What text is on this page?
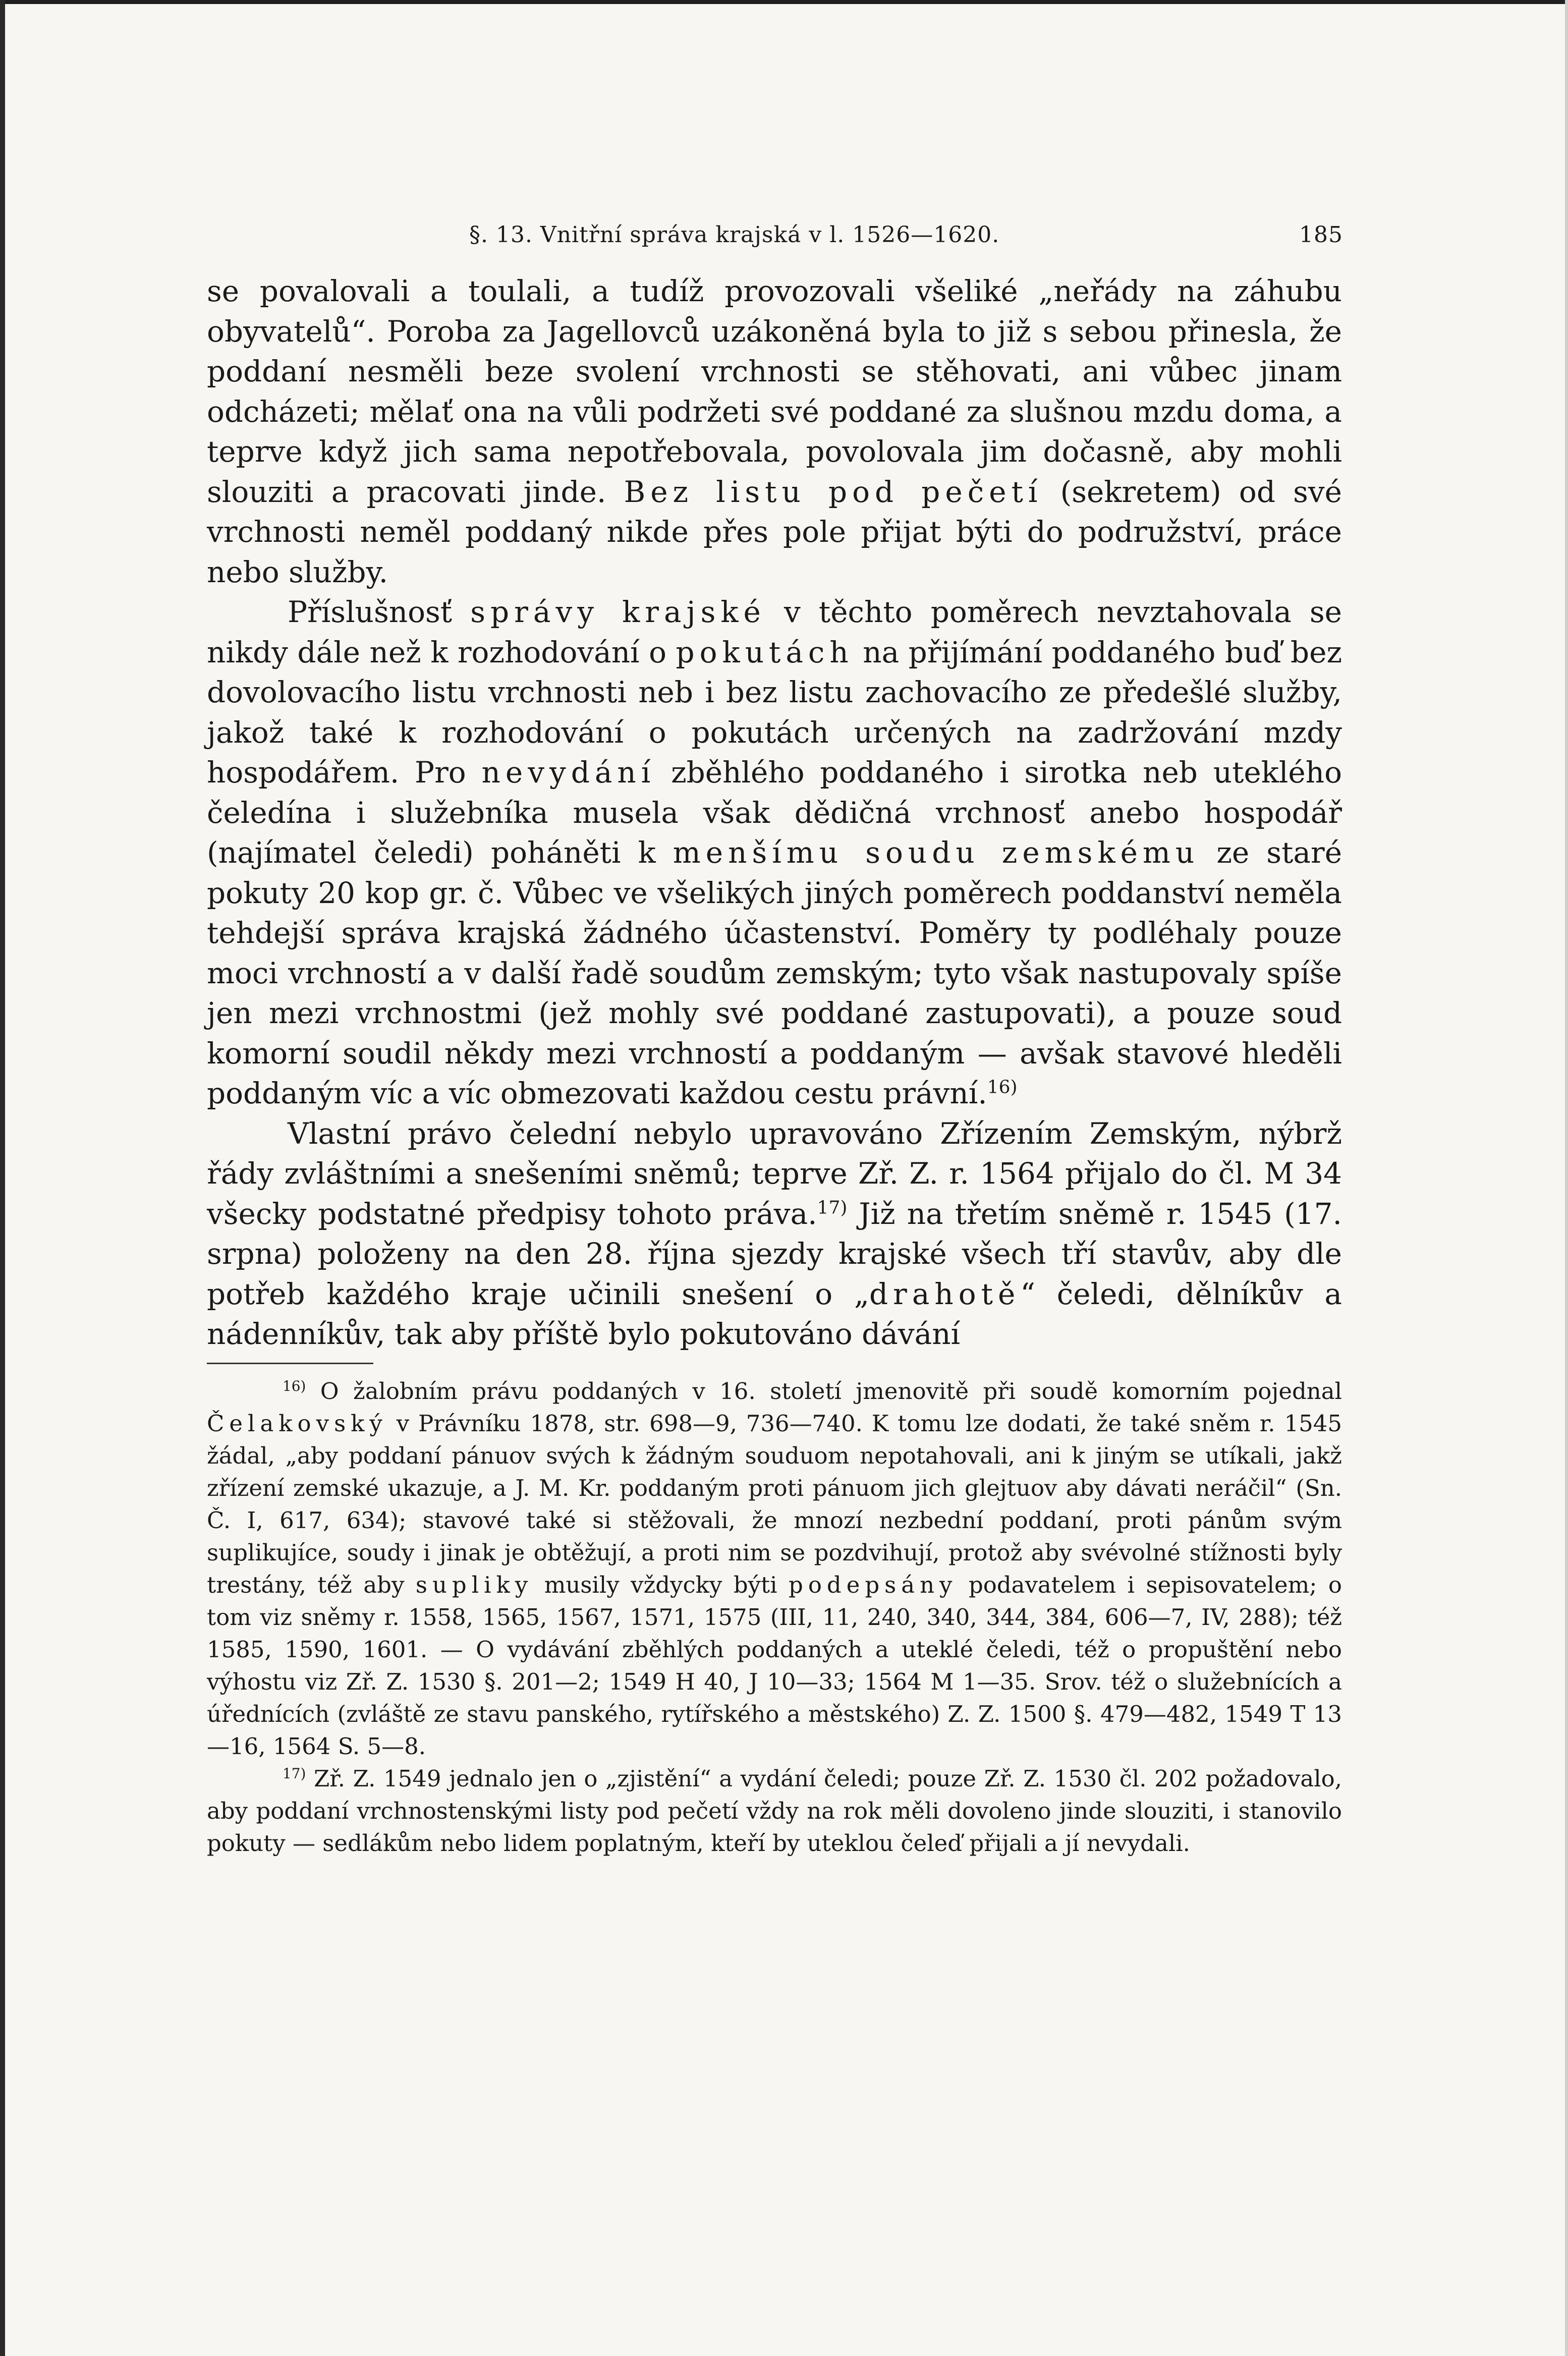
§. 13. Vnitřní správa krajská v l. 1526—1620.	185

se povalovali a toulali, a tudíž provozovali všeliké „neřády na záhubu obyvatelů“. Poroba za Jagellovců uzákoněná byla to již s sebou přinesla, že poddaní nesměli beze svolení vrchnosti se stěhovati, ani vůbec jinam odcházeti; mělať ona na vůli podržeti své poddané za slušnou mzdu doma, a teprve když jich sama nepotřebovala, povolovala jim dočasně, aby mohli slouziti a pracovati jinde. Bez listu pod pečetí (sekretem) od své vrchnosti neměl poddaný nikde přes pole přijat býti do podružství, práce nebo služby.

Příslušnosť správy krajské v těchto poměrech nevztahovala se nikdy dále než k rozhodování o pokutách na přijímání poddaného buď bez dovolovacího listu vrchnosti neb i bez listu zachovacího ze předešlé služby, jakož také k rozhodování o pokutách určených na zadržování mzdy hospodářem. Pro nevydání zběhlého poddaného i sirotka neb uteklého čeledína i služebníka musela však dědičná vrchnosť anebo hospodář (najímatel čeledi) poháněti k menšímu soudu zemskému ze staré pokuty 20 kop gr. č. Vůbec ve všelikých jiných poměrech poddanství neměla tehdejší správa krajská žádného účastenství. Poměry ty podléhaly pouze moci vrchností a v další řadě soudům zemským; tyto však nastupovaly spíše jen mezi vrchnostmi (jež mohly své poddané zastupovati), a pouze soud komorní soudil někdy mezi vrchností a poddaným — avšak stavové hleděli poddaným víc a víc obmezovati každou cestu právní.$^{16)}$

Vlastní právo čelední nebylo upravováno Zřízením Zemským, nýbrž řády zvláštními a snešeními sněmů; teprve Zř. Z. r. 1564 přijalo do čl. M 34 všecky podstatné předpisy tohoto práva.$^{17)}$ Již na třetím sněmě r. 1545 (17. srpna) položeny na den 28. října sjezdy krajské všech tří stavův, aby dle potřeb každého kraje učinili snešení o „drahotě“ čeledi, dělníkův a nádenníkův, tak aby příště bylo pokutováno dávání

$^{16)}$ O žalobním právu poddaných v 16. století jmenovitě při soudě komorním pojednal Čelakovský v Právníku 1878, str. 698—9, 736—740. K tomu lze dodati, že také sněm r. 1545 žádal, „aby poddaní pánuov svých k žádným souduom nepotahovali, ani k jiným se utíkali, jakž zřízení zemské ukazuje, a J. M. Kr. poddaným proti pánuom jich glejtuov aby dávati neráčil“ (Sn. Č. I, 617, 634); stavové také si stěžovali, že mnozí nezbední poddaní, proti pánům svým suplikujíce, soudy i jinak je obtěžují, a proti nim se pozdvihují, protož aby svévolné stížnosti byly trestány, též aby supliky musily vždycky býti podepsány podavatelem i sepisovatelem; o tom viz sněmy r. 1558, 1565, 1567, 1571, 1575 (III, 11, 240, 340, 344, 384, 606—7, IV, 288); též 1585, 1590, 1601. — O vydávání zběhlých poddaných a uteklé čeledi, též o propuštění nebo výhostu viz Zř. Z. 1530 §. 201—2; 1549 H 40, J 10—33; 1564 M 1—35. Srov. též o služebnících a úřednících (zvláště ze stavu panského, rytířského a městského) Z. Z. 1500 §. 479—482, 1549 T 13—16, 1564 S. 5—8.

$^{17)}$ Zř. Z. 1549 jednalo jen o „zjistění“ a vydání čeledi; pouze Zř. Z. 1530 čl. 202 požadovalo, aby poddaní vrchnostenskými listy pod pečetí vždy na rok měli dovoleno jinde slouziti, i stanovilo pokuty — sedlákům nebo lidem poplatným, kteří by uteklou čeleď přijali a jí nevydali.
